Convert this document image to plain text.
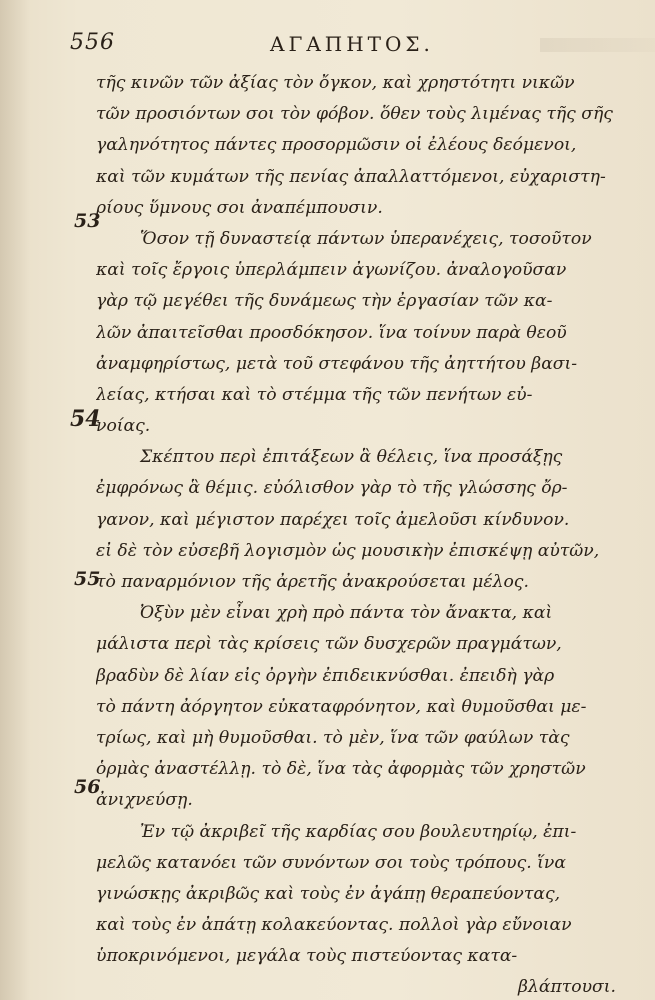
556	ΑΓΑΠΗΤΟΣ.
53
54
55
56
τῆς κινῶν τῶν ἀξίας τὸν ὄγκον, καὶ χρηστότητι νικῶν
τῶν προσιόντων σοι τὸν φόβον. ὅθεν τοὺς λιμένας τῆς σῆς
γαληνότητος πάντες προσορμῶσιν οἱ ἐλέους δεόμενοι,
καὶ τῶν κυμάτων τῆς πενίας ἀπαλλαττόμενοι, εὐχαριστη-
ρίους ὕμνους σοι ἀναπέμπουσιν.
Ὅσον τῇ δυναστείᾳ πάντων ὑπερανέχεις, τοσοῦτον
καὶ τοῖς ἔργοις ὑπερλάμπειν ἀγωνίζου. ἀναλογοῦσαν
γὰρ τῷ μεγέθει τῆς δυνάμεως τὴν ἐργασίαν τῶν κα-
λῶν ἀπαιτεῖσθαι προσδόκησον. ἵνα τοίνυν παρὰ θεοῦ
ἀναμφηρίστως, μετὰ τοῦ στεφάνου τῆς ἀηττήτου βασι-
λείας, κτήσαι καὶ τὸ στέμμα τῆς τῶν πενήτων εὐ-
νοίας.
Σκέπτου περὶ ἐπιτάξεων ἃ θέλεις, ἵνα προσάξῃς
ἐμφρόνως ἃ θέμις. εὐόλισθον γὰρ τὸ τῆς γλώσσης ὄρ-
γανον, καὶ μέγιστον παρέχει τοῖς ἀμελοῦσι κίνδυνον.
εἰ δὲ τὸν εὐσεβῆ λογισμὸν ὡς μουσικὴν ἐπισκέψῃ αὐτῶν,
τὸ παναρμόνιον τῆς ἀρετῆς ἀνακρούσεται μέλος.
Ὀξὺν μὲν εἶναι χρὴ πρὸ πάντα τὸν ἄνακτα, καὶ
μάλιστα περὶ τὰς κρίσεις τῶν δυσχερῶν πραγμάτων,
βραδὺν δὲ λίαν εἰς ὀργὴν ἐπιδεικνύσθαι. ἐπειδὴ γὰρ
τὸ πάντη ἀόργητον εὐκαταφρόνητον, καὶ θυμοῦσθαι με-
τρίως, καὶ μὴ θυμοῦσθαι. τὸ μὲν, ἵνα τῶν φαύλων τὰς
ὁρμὰς ἀναστέλλῃ. τὸ δὲ, ἵνα τὰς ἀφορμὰς τῶν χρηστῶν
ἀνιχνεύσῃ.
Ἐν τῷ ἀκριβεῖ τῆς καρδίας σου βουλευτηρίῳ, ἐπι-
μελῶς κατανόει τῶν συνόντων σοι τοὺς τρόπους. ἵνα
γινώσκῃς ἀκριβῶς καὶ τοὺς ἐν ἀγάπῃ θεραπεύοντας,
καὶ τοὺς ἐν ἀπάτῃ κολακεύοντας. πολλοὶ γὰρ εὔνοιαν
ὑποκρινόμενοι, μεγάλα τοὺς πιστεύοντας κατα-
βλάπτουσι.
